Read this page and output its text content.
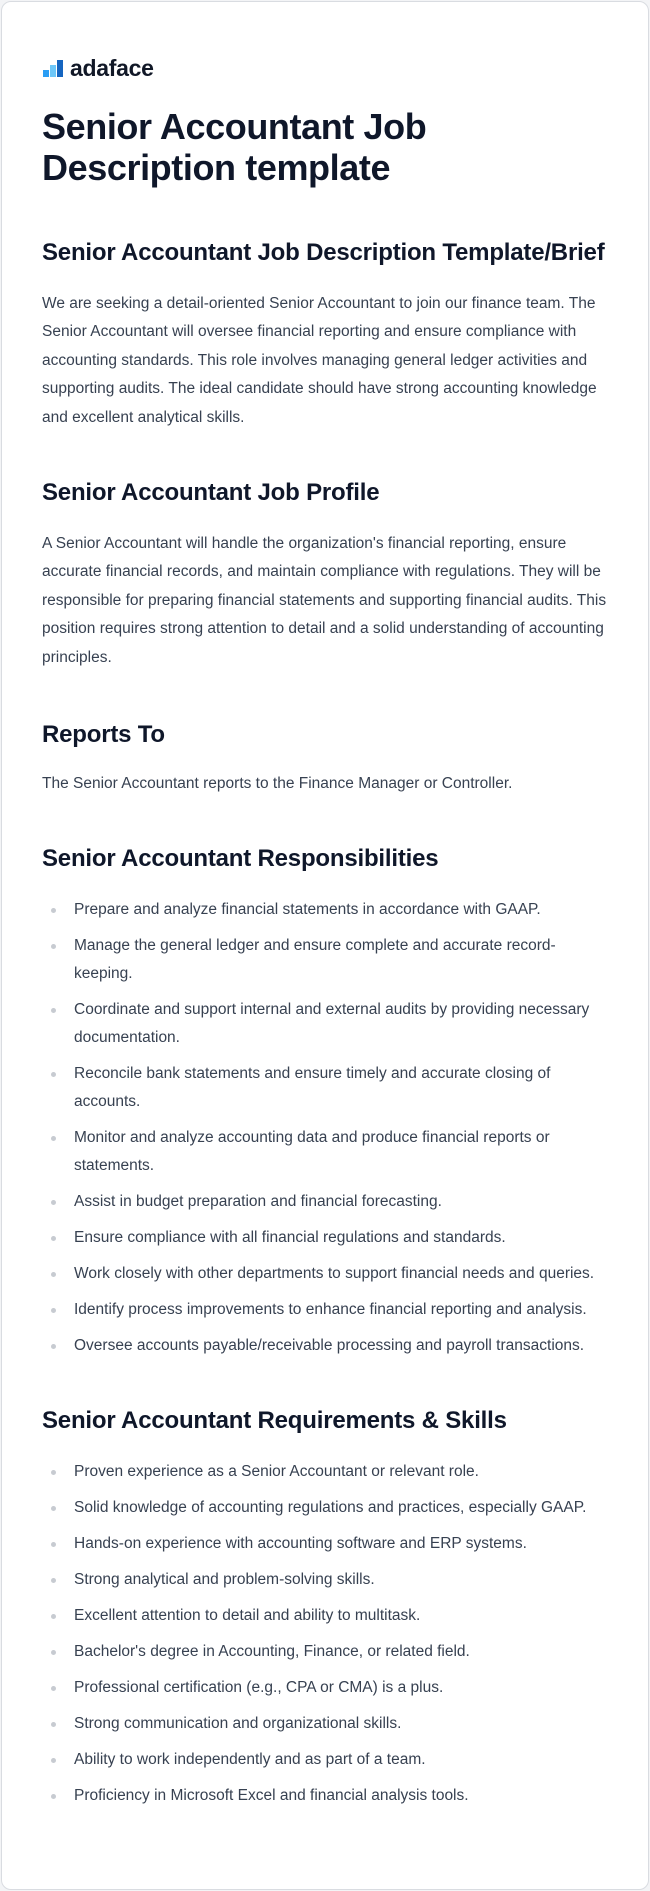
adaface
Senior Accountant Job Description template
Senior Accountant Job Description Template/Brief

We are seeking a detail-oriented Senior Accountant to join our finance team. The Senior Accountant will oversee financial reporting and ensure compliance with accounting standards. This role involves managing general ledger activities and supporting audits. The ideal candidate should have strong accounting knowledge and excellent analytical skills.

Senior Accountant Job Profile

A Senior Accountant will handle the organization's financial reporting, ensure accurate financial records, and maintain compliance with regulations. They will be responsible for preparing financial statements and supporting financial audits. This position requires strong attention to detail and a solid understanding of accounting principles.

Reports To

The Senior Accountant reports to the Finance Manager or Controller.

Senior Accountant Responsibilities
Prepare and analyze financial statements in accordance with GAAP.
Manage the general ledger and ensure complete and accurate record-keeping.
Coordinate and support internal and external audits by providing necessary documentation.
Reconcile bank statements and ensure timely and accurate closing of accounts.
Monitor and analyze accounting data and produce financial reports or statements.
Assist in budget preparation and financial forecasting.
Ensure compliance with all financial regulations and standards.
Work closely with other departments to support financial needs and queries.
Identify process improvements to enhance financial reporting and analysis.
Oversee accounts payable/receivable processing and payroll transactions.
Senior Accountant Requirements & Skills
Proven experience as a Senior Accountant or relevant role.
Solid knowledge of accounting regulations and practices, especially GAAP.
Hands-on experience with accounting software and ERP systems.
Strong analytical and problem-solving skills.
Excellent attention to detail and ability to multitask.
Bachelor's degree in Accounting, Finance, or related field.
Professional certification (e.g., CPA or CMA) is a plus.
Strong communication and organizational skills.
Ability to work independently and as part of a team.
Proficiency in Microsoft Excel and financial analysis tools.
